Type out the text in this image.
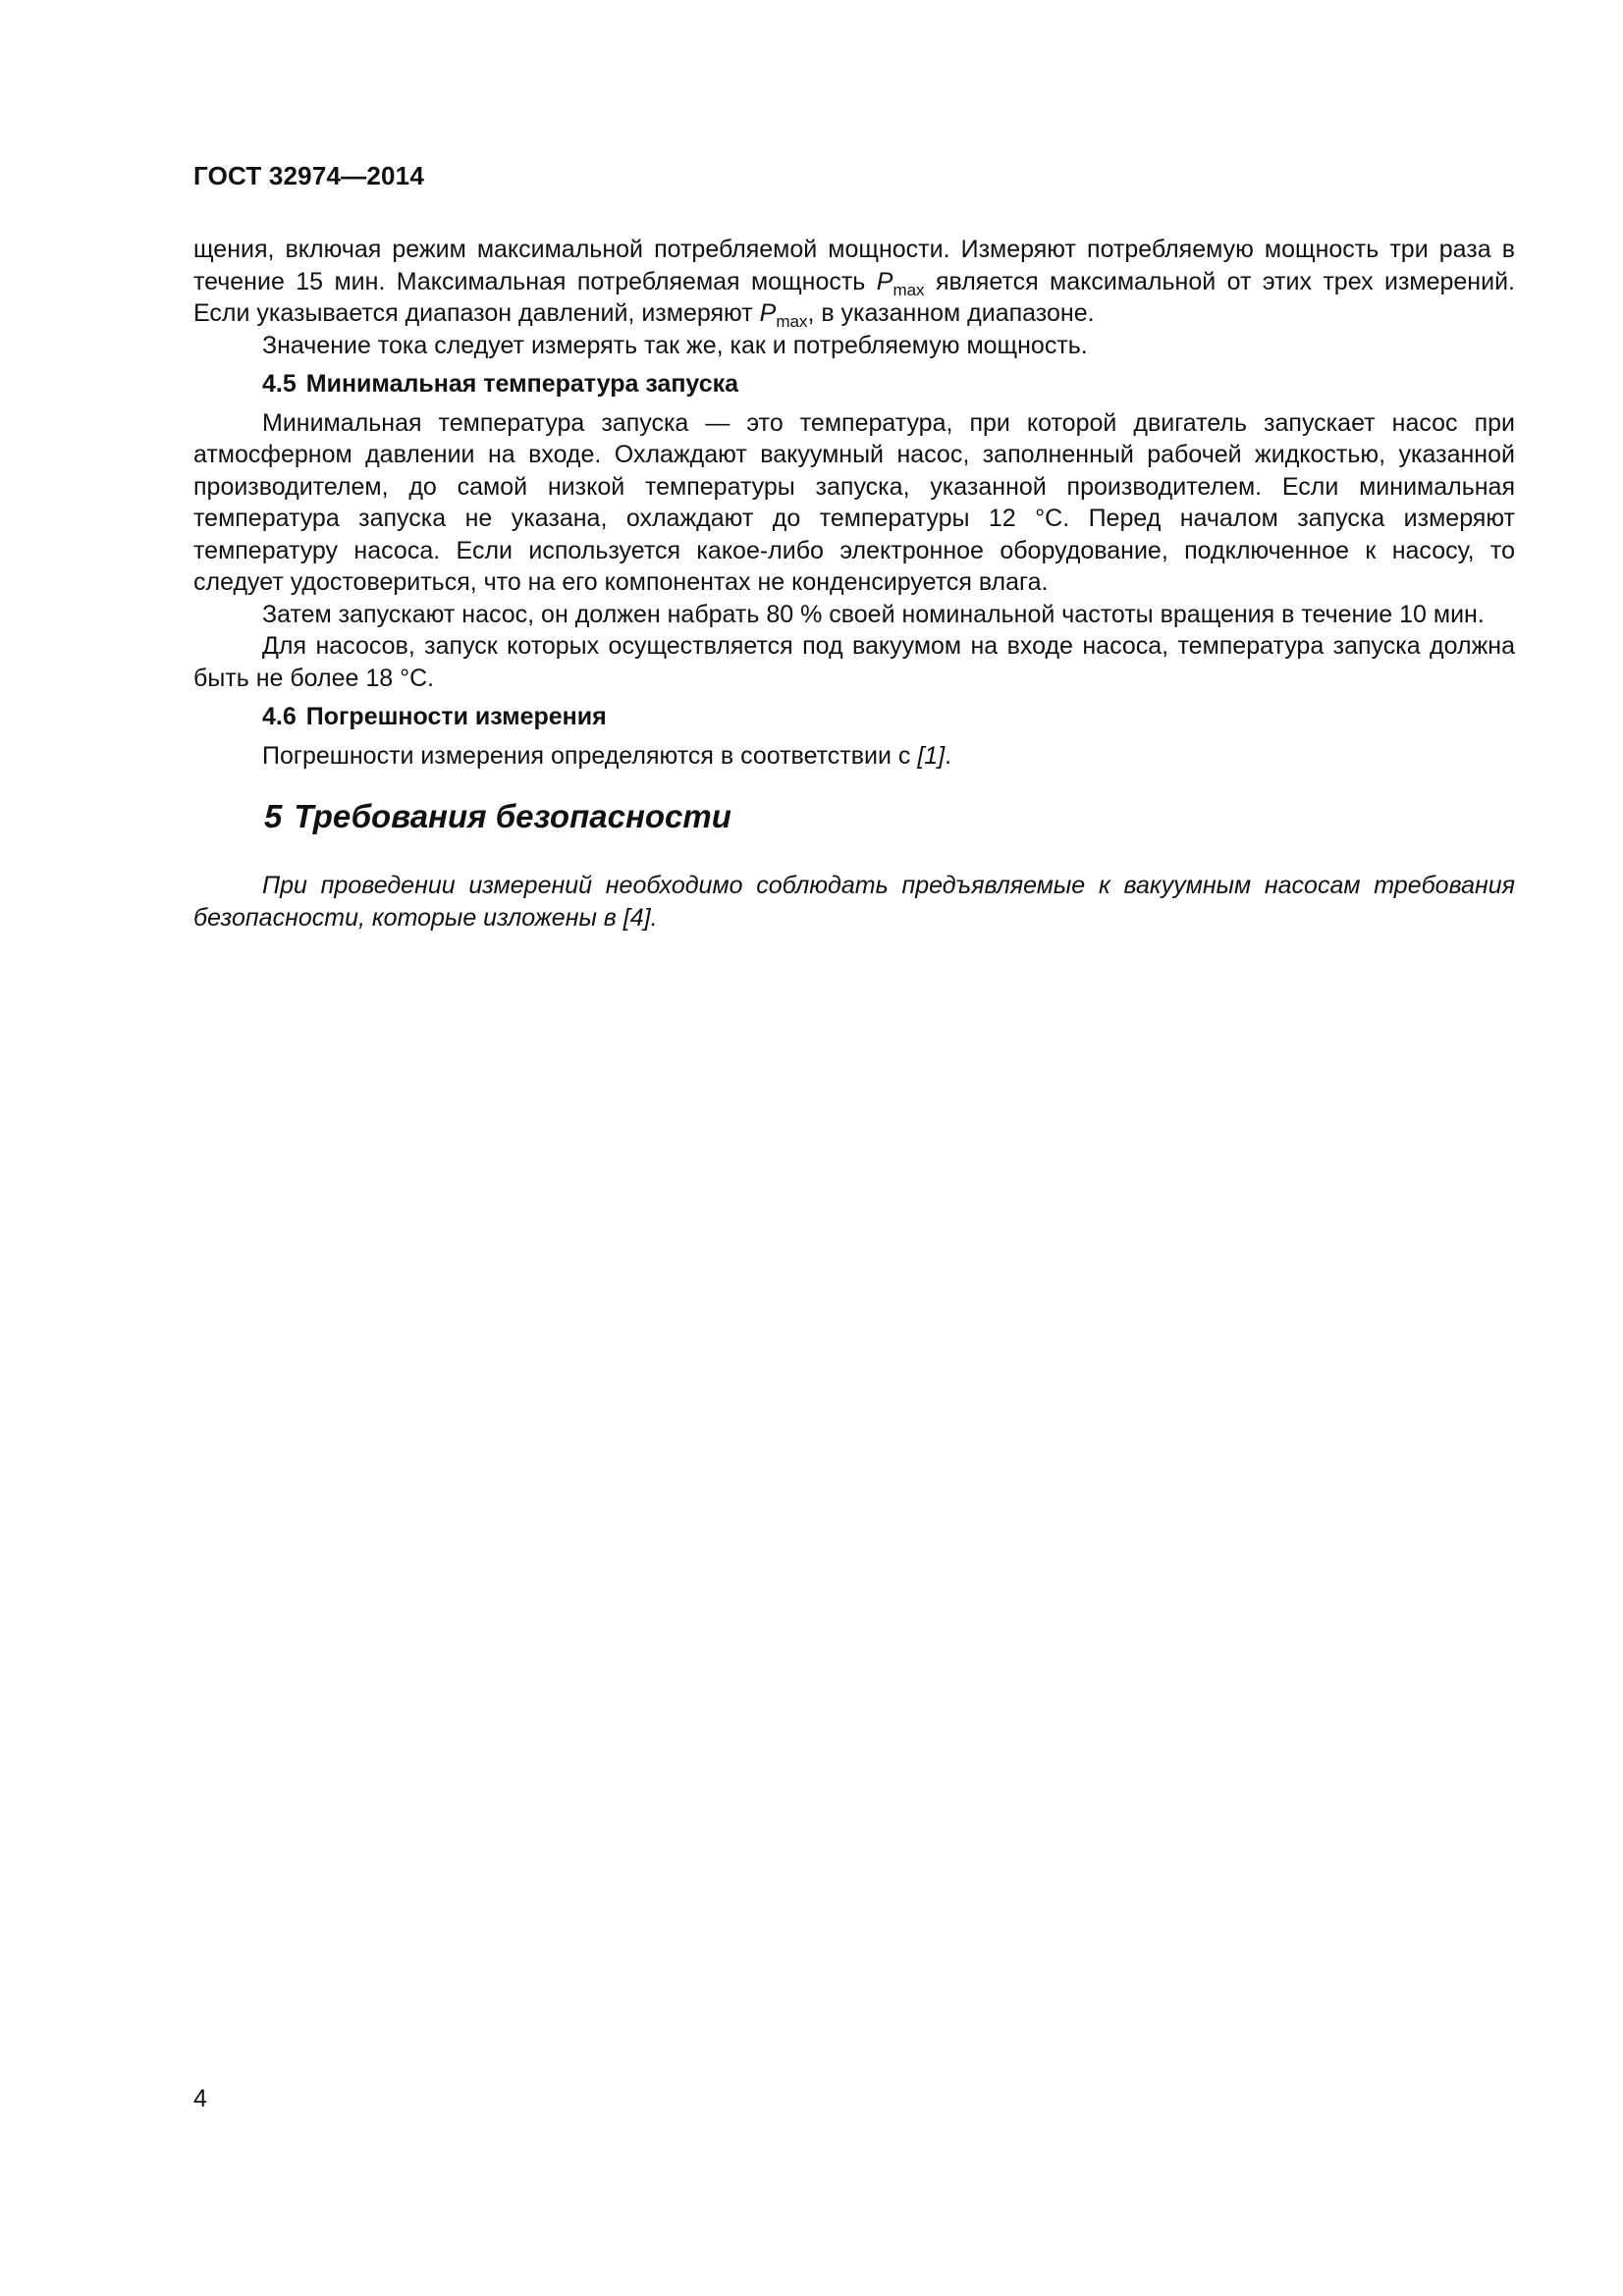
ГОСТ 32974—2014

щения, включая режим максимальной потребляемой мощности. Измеряют потребляемую мощность три раза в течение 15 мин. Максимальная потребляемая мощность $P_{max}$ является максимальной от этих трех измерений. Если указывается диапазон давлений, измеряют $P_{max}$, в указанном диапазоне.

Значение тока следует измерять так же, как и потребляемую мощность.

4.5 Минимальная температура запуска

Минимальная температура запуска — это температура, при которой двигатель запускает насос при атмосферном давлении на входе. Охлаждают вакуумный насос, заполненный рабочей жидкостью, указанной производителем, до самой низкой температуры запуска, указанной производителем. Если минимальная температура запуска не указана, охлаждают до температуры 12 °С. Перед началом запуска измеряют температуру насоса. Если используется какое-либо электронное оборудование, подключенное к насосу, то следует удостовериться, что на его компонентах не конденсируется влага.

Затем запускают насос, он должен набрать 80 % своей номинальной частоты вращения в течение 10 мин.

Для насосов, запуск которых осуществляется под вакуумом на входе насоса, температура запуска должна быть не более 18 °С.

4.6 Погрешности измерения

Погрешности измерения определяются в соответствии с [1].

5 Требования безопасности

При проведении измерений необходимо соблюдать предъявляемые к вакуумным насосам требования безопасности, которые изложены в [4].

4
